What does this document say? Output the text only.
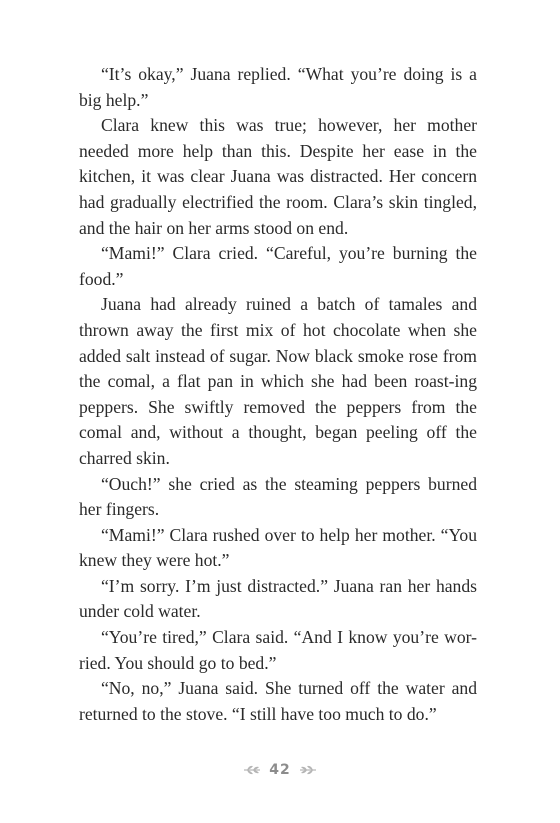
“It’s okay,” Juana replied. “What you’re doing is a big help.”

Clara knew this was true; however, her mother needed more help than this. Despite her ease in the kitchen, it was clear Juana was distracted. Her concern had gradually electrified the room. Clara’s skin tingled, and the hair on her arms stood on end.

“Mami!” Clara cried. “Careful, you’re burning the food.”

Juana had already ruined a batch of tamales and thrown away the first mix of hot chocolate when she added salt instead of sugar. Now black smoke rose from the comal, a flat pan in which she had been roast-ing peppers. She swiftly removed the peppers from the comal and, without a thought, began peeling off the charred skin.

“Ouch!” she cried as the steaming peppers burned her fingers.

“Mami!” Clara rushed over to help her mother. “You knew they were hot.”

“I’m sorry. I’m just distracted.” Juana ran her hands under cold water.

“You’re tired,” Clara said. “And I know you’re wor-ried. You should go to bed.”

“No, no,” Juana said. She turned off the water and returned to the stove. “I still have too much to do.”

42
